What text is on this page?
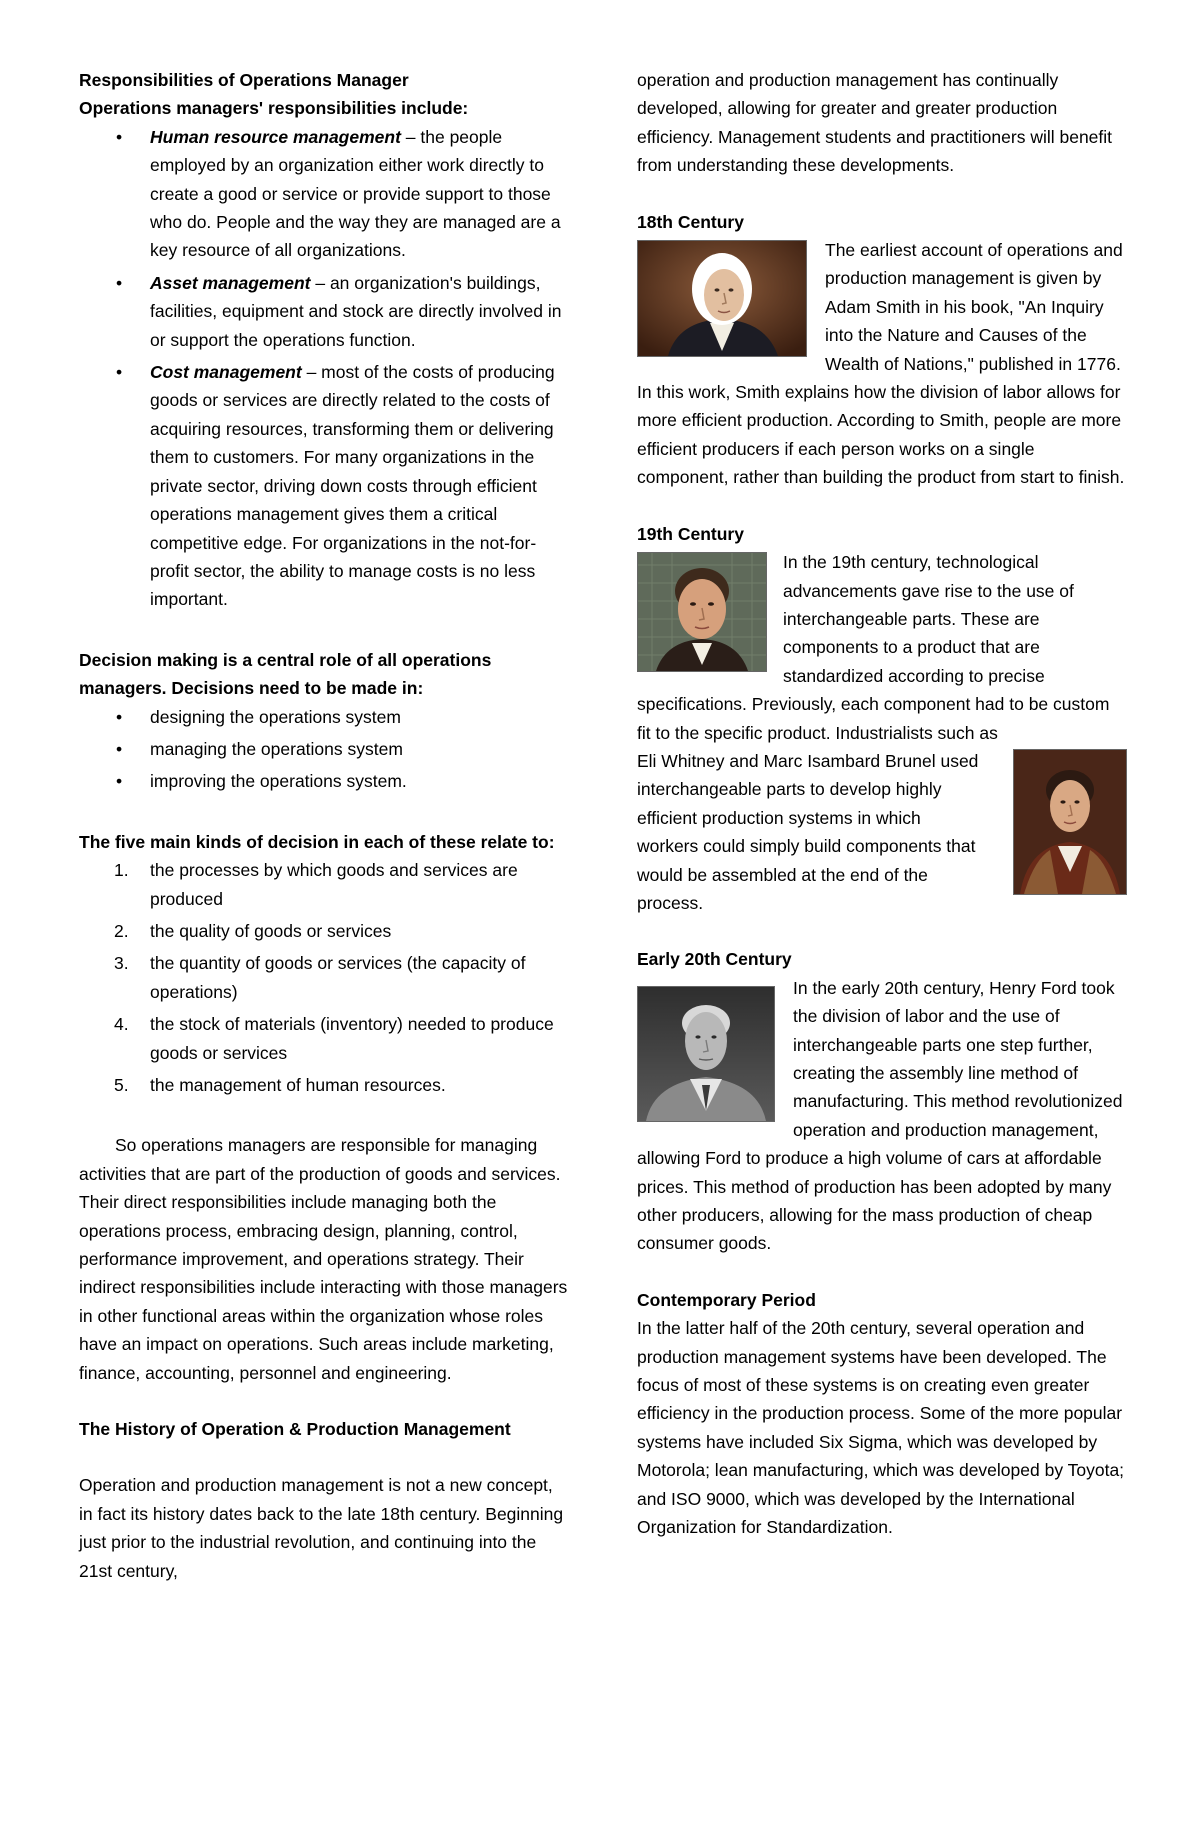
Responsibilities of Operations Manager

Operations managers' responsibilities include:

• Human resource management – the people employed by an organization either work directly to create a good or service or provide support to those who do. People and the way they are managed are a key resource of all organizations.
• Asset management – an organization's buildings, facilities, equipment and stock are directly involved in or support the operations function.
• Cost management – most of the costs of producing goods or services are directly related to the costs of acquiring resources, transforming them or delivering them to customers. For many organizations in the private sector, driving down costs through efficient operations management gives them a critical competitive edge. For organizations in the not-for-profit sector, the ability to manage costs is no less important.

Decision making is a central role of all operations managers. Decisions need to be made in:

• designing the operations system
• managing the operations system
• improving the operations system.

The five main kinds of decision in each of these relate to:

1. the processes by which goods and services are produced
2. the quality of goods or services
3. the quantity of goods or services (the capacity of operations)
4. the stock of materials (inventory) needed to produce goods or services
5. the management of human resources.

So operations managers are responsible for managing activities that are part of the production of goods and services. Their direct responsibilities include managing both the operations process, embracing design, planning, control, performance improvement, and operations strategy. Their indirect responsibilities include interacting with those managers in other functional areas within the organization whose roles have an impact on operations. Such areas include marketing, finance, accounting, personnel and engineering.

The History of Operation & Production Management

Operation and production management is not a new concept, in fact its history dates back to the late 18th century. Beginning just prior to the industrial revolution, and continuing into the 21st century,

operation and production management has continually developed, allowing for greater and greater production efficiency. Management students and practitioners will benefit from understanding these developments.

18th Century

The earliest account of operations and production management is given by Adam Smith in his book, "An Inquiry into the Nature and Causes of the Wealth of Nations," published in 1776. In this work, Smith explains how the division of labor allows for more efficient production. According to Smith, people are more efficient producers if each person works on a single component, rather than building the product from start to finish.

19th Century

In the 19th century, technological advancements gave rise to the use of interchangeable parts. These are components to a product that are standardized according to precise specifications. Previously, each component had to be custom fit to the specific product. Industrialists such as

Eli Whitney and Marc Isambard Brunel used interchangeable parts to develop highly efficient production systems in which workers could simply build components that would be assembled at the end of the process.

Early 20th Century

In the early 20th century, Henry Ford took the division of labor and the use of interchangeable parts one step further, creating the assembly line method of manufacturing. This method revolutionized operation and production management, allowing Ford to produce a high volume of cars at affordable prices. This method of production has been adopted by many other producers, allowing for the mass production of cheap consumer goods.

Contemporary Period

In the latter half of the 20th century, several operation and production management systems have been developed. The focus of most of these systems is on creating even greater efficiency in the production process. Some of the more popular systems have included Six Sigma, which was developed by Motorola; lean manufacturing, which was developed by Toyota; and ISO 9000, which was developed by the International Organization for Standardization.
